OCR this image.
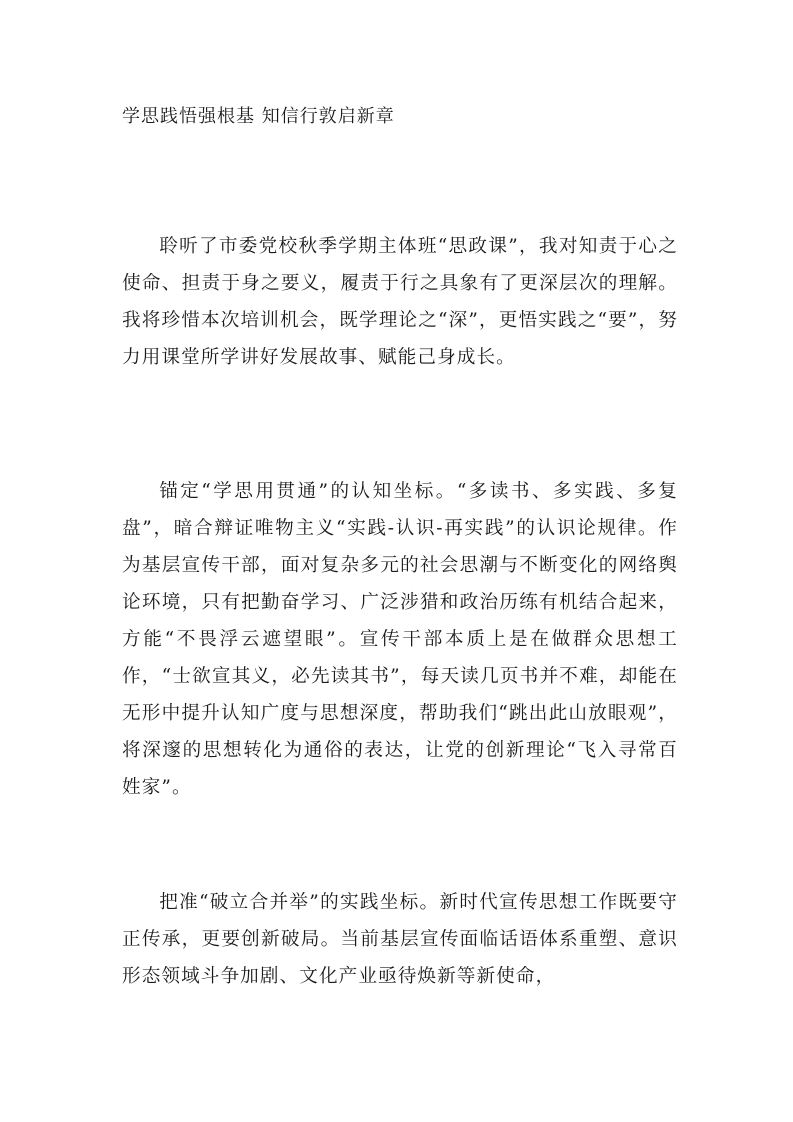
学思践悟强根基 知信行敦启新章

聆听了市委党校秋季学期主体班“思政课”，我对知责于心之使命、担责于身之要义，履责于行之具象有了更深层次的理解。我将珍惜本次培训机会，既学理论之“深”，更悟实践之“要”，努力用课堂所学讲好发展故事、赋能己身成长。

锚定“学思用贯通”的认知坐标。“多读书、多实践、多复盘”，暗合辩证唯物主义“实践-认识-再实践”的认识论规律。作为基层宣传干部，面对复杂多元的社会思潮与不断变化的网络舆论环境，只有把勤奋学习、广泛涉猎和政治历练有机结合起来，方能“不畏浮云遮望眼”。宣传干部本质上是在做群众思想工作，“士欲宣其义，必先读其书”，每天读几页书并不难，却能在无形中提升认知广度与思想深度，帮助我们“跳出此山放眼观”，将深邃的思想转化为通俗的表达，让党的创新理论“飞入寻常百姓家”。

把准“破立合并举”的实践坐标。新时代宣传思想工作既要守正传承，更要创新破局。当前基层宣传面临话语体系重塑、意识形态领域斗争加剧、文化产业亟待焕新等新使命，
